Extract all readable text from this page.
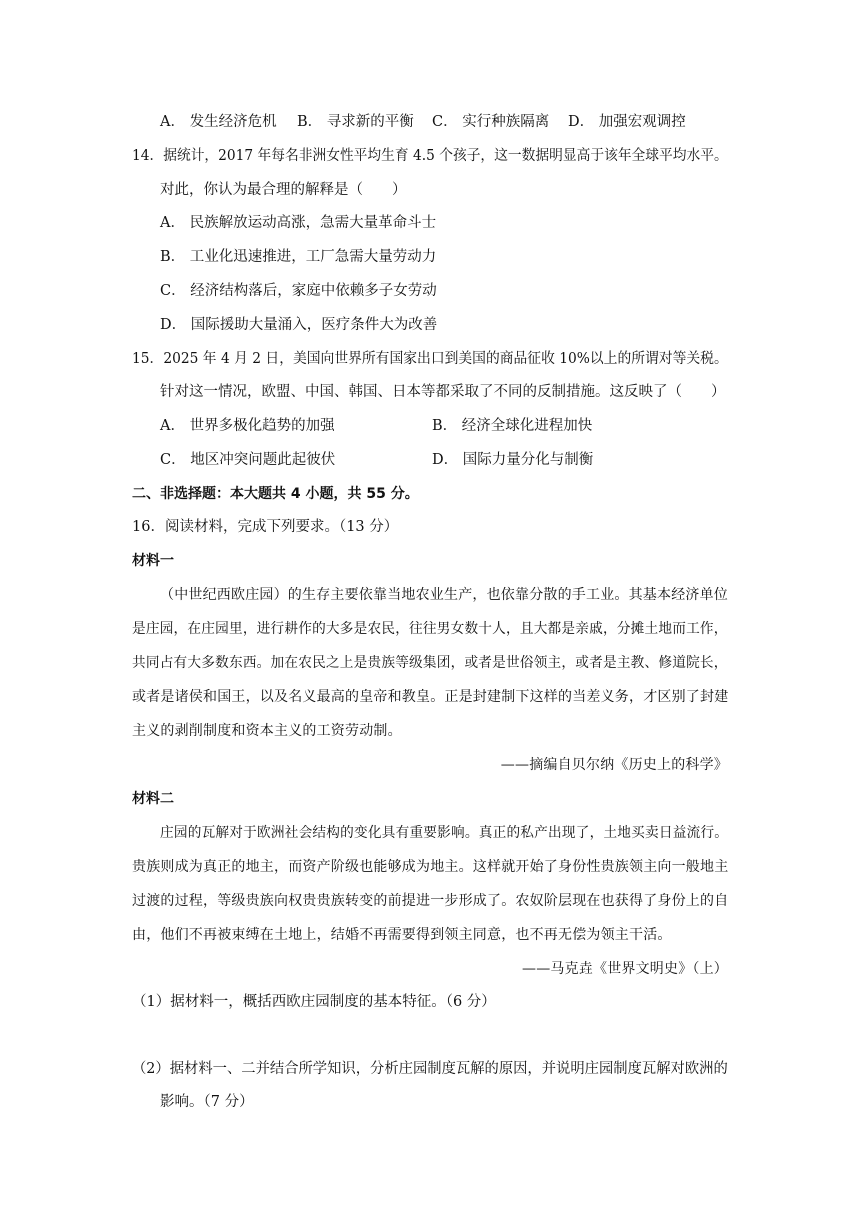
A． 发生经济危机 B． 寻求新的平衡 C． 实行种族隔离 D． 加强宏观调控
14．据统计，2017 年每名非洲女性平均生育 4.5 个孩子，这一数据明显高于该年全球平均水平。
对此，你认为最合理的解释是（　　）
A． 民族解放运动高涨，急需大量革命斗士
B． 工业化迅速推进，工厂急需大量劳动力
C． 经济结构落后，家庭中依赖多子女劳动
D． 国际援助大量涌入，医疗条件大为改善
15．2025 年 4 月 2 日，美国向世界所有国家出口到美国的商品征收 10%以上的所谓对等关税。
针对这一情况，欧盟、中国、韩国、日本等都采取了不同的反制措施。这反映了（　　）
A． 世界多极化趋势的加强	B． 经济全球化进程加快
C． 地区冲突问题此起彼伏	D． 国际力量分化与制衡
二、非选择题：本大题共 4 小题，共 55 分。
16．阅读材料，完成下列要求。（13 分）
材料一
（中世纪西欧庄园）的生存主要依靠当地农业生产，也依靠分散的手工业。其基本经济单位
是庄园，在庄园里，进行耕作的大多是农民，往往男女数十人，且大都是亲戚，分摊土地而工作，
共同占有大多数东西。加在农民之上是贵族等级集团，或者是世俗领主，或者是主教、修道院长，
或者是诸侯和国王，以及名义最高的皇帝和教皇。正是封建制下这样的当差义务，才区别了封建
主义的剥削制度和资本主义的工资劳动制。
——摘编自贝尔纳《历史上的科学》
材料二
庄园的瓦解对于欧洲社会结构的变化具有重要影响。真正的私产出现了，土地买卖日益流行。
贵族则成为真正的地主，而资产阶级也能够成为地主。这样就开始了身份性贵族领主向一般地主
过渡的过程，等级贵族向权贵贵族转变的前提进一步形成了。农奴阶层现在也获得了身份上的自
由，他们不再被束缚在土地上，结婚不再需要得到领主同意，也不再无偿为领主干活。
——马克垚《世界文明史》（上）
（1）据材料一，概括西欧庄园制度的基本特征。（6 分）
（2）据材料一、二并结合所学知识，分析庄园制度瓦解的原因，并说明庄园制度瓦解对欧洲的
影响。（7 分）
